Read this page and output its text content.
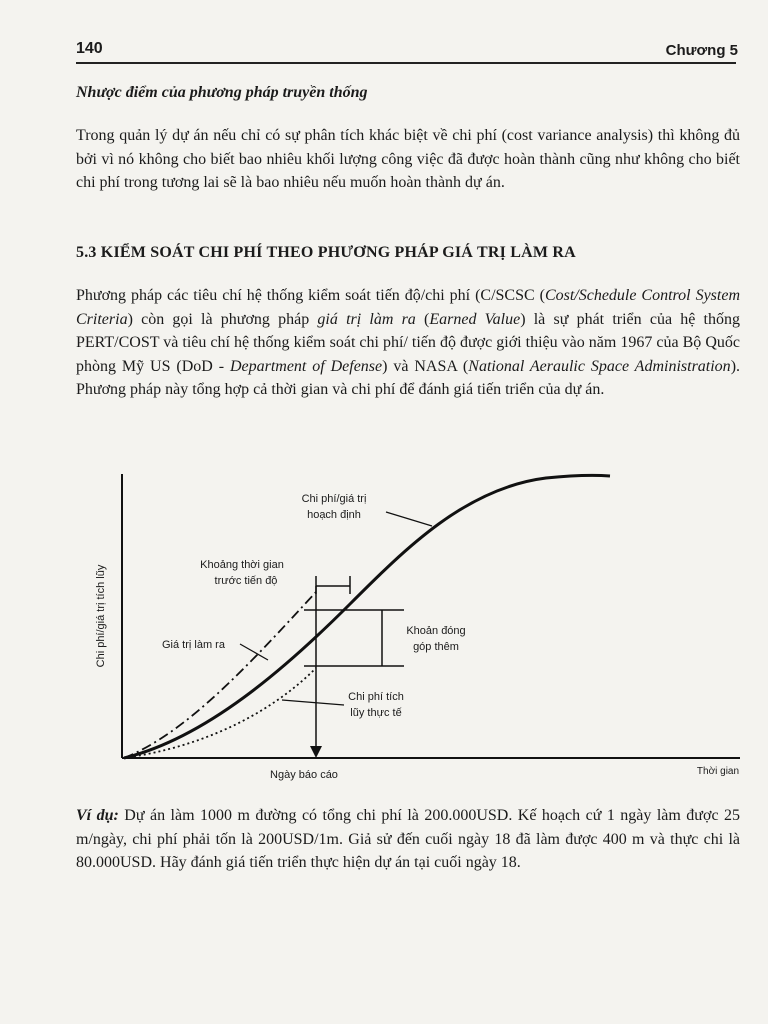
140	Chương 5
Nhược điểm của phương pháp truyền thống
Trong quản lý dự án nếu chỉ có sự phân tích khác biệt về chi phí (cost variance analysis) thì không đủ bởi vì nó không cho biết bao nhiêu khối lượng công việc đã được hoàn thành cũng như không cho biết chi phí trong tương lai sẽ là bao nhiêu nếu muốn hoàn thành dự án.
5.3 KIỂM SOÁT CHI PHÍ THEO PHƯƠNG PHÁP GIÁ TRỊ LÀM RA
Phương pháp các tiêu chí hệ thống kiểm soát tiến độ/chi phí (C/SCSC (Cost/Schedule Control System Criteria) còn gọi là phương pháp giá trị làm ra (Earned Value) là sự phát triển của hệ thống PERT/COST và tiêu chí hệ thống kiểm soát chi phí/ tiến độ được giới thiệu vào năm 1967 của Bộ Quốc phòng Mỹ US (DoD - Department of Defense) và NASA (National Aeraulic Space Administration). Phương pháp này tổng hợp cả thời gian và chi phí để đánh giá tiến triển của dự án.
Chi phí/giá trị tích lũy
Chi phí/giá trị
hoạch định
Khoảng thời gian
trước tiến độ
Giá trị làm ra
Khoản đóng
góp thêm
Chi phí tích
lũy thực tế
Ngày báo cáo	Thời gian
Ví dụ: Dự án làm 1000 m đường có tổng chi phí là 200.000USD. Kế hoạch cứ 1 ngày làm được 25 m/ngày, chi phí phải tốn là 200USD/1m. Giả sử đến cuối ngày 18 đã làm được 400 m và thực chi là 80.000USD. Hãy đánh giá tiến triển thực hiện dự án tại cuối ngày 18.
